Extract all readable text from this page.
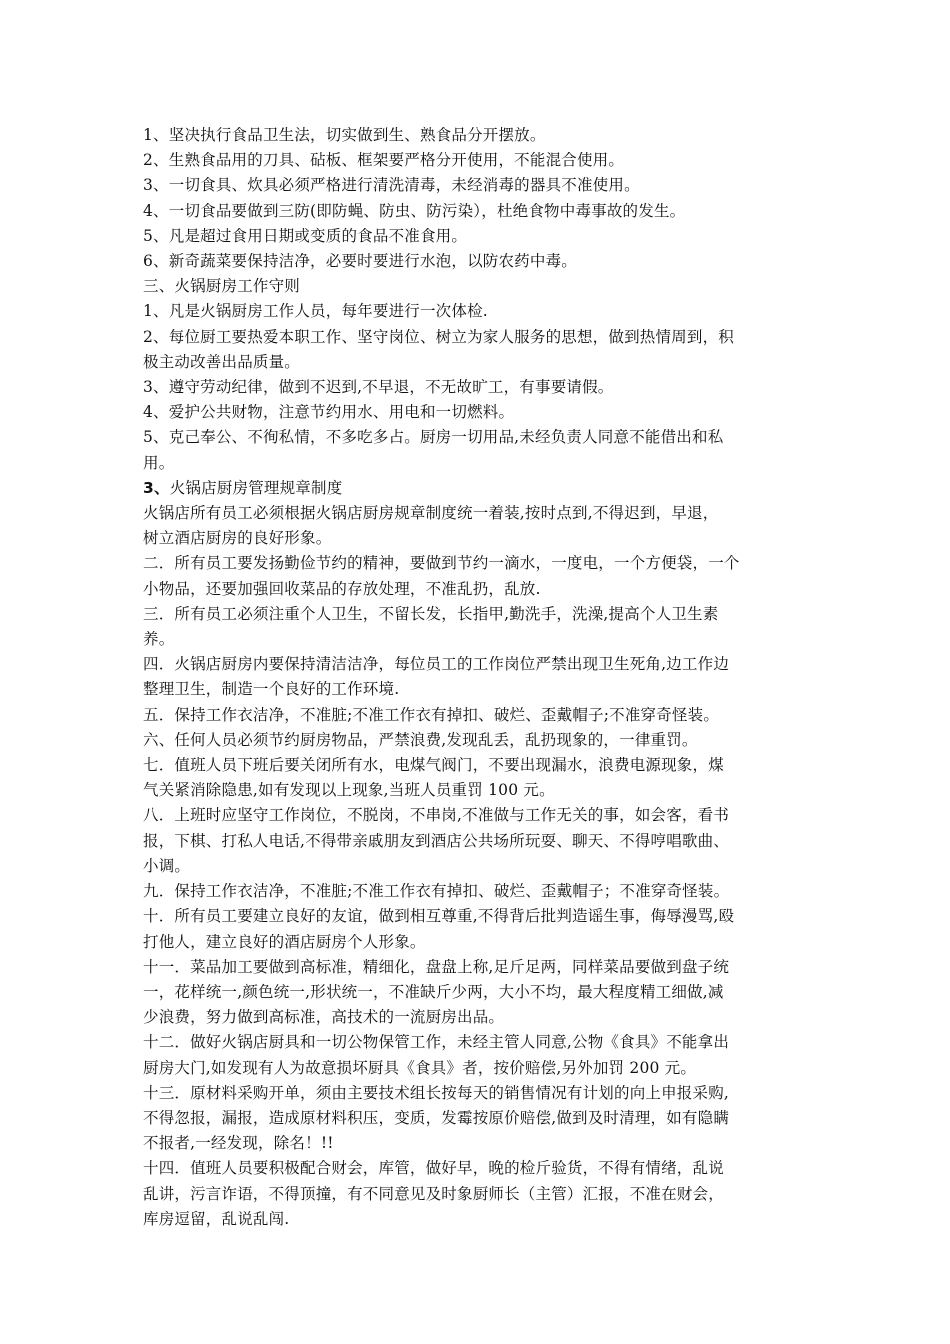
1、坚决执行食品卫生法，切实做到生、熟食品分开摆放。
2、生熟食品用的刀具、砧板、框架要严格分开使用，不能混合使用。
3、一切食具、炊具必须严格进行清洗清毒，未经消毒的器具不准使用。
4、一切食品要做到三防(即防蝇、防虫、防污染），杜绝食物中毒事故的发生。
5、凡是超过食用日期或变质的食品不准食用。
6、新奇蔬菜要保持洁净，必要时要进行水泡，以防农药中毒。
三、火锅厨房工作守则
1、凡是火锅厨房工作人员，每年要进行一次体检.
2、每位厨工要热爱本职工作、坚守岗位、树立为家人服务的思想，做到热情周到，积
极主动改善出品质量。
3、遵守劳动纪律，做到不迟到,不早退，不无故旷工，有事要请假。
4、爱护公共财物，注意节约用水、用电和一切燃料。
5、克己奉公、不徇私情，不多吃多占。厨房一切用品,未经负责人同意不能借出和私
用。
3、火锅店厨房管理规章制度
火锅店所有员工必须根据火锅店厨房规章制度统一着装,按时点到,不得迟到，早退，
树立酒店厨房的良好形象。
二．所有员工要发扬勤俭节约的精神，要做到节约一滴水，一度电，一个方便袋，一个
小物品，还要加强回收菜品的存放处理，不准乱扔，乱放.
三．所有员工必须注重个人卫生，不留长发，长指甲,勤洗手，洗澡,提高个人卫生素
养。
四．火锅店厨房内要保持清洁洁净，每位员工的工作岗位严禁出现卫生死角,边工作边
整理卫生，制造一个良好的工作环境.
五．保持工作衣洁净，不准脏;不准工作衣有掉扣、破烂、歪戴帽子;不准穿奇怪装。
六、任何人员必须节约厨房物品，严禁浪费,发现乱丢，乱扔现象的，一律重罚。
七．值班人员下班后要关闭所有水，电煤气阀门，不要出现漏水，浪费电源现象，煤
气关紧消除隐患,如有发现以上现象,当班人员重罚 100 元。
八．上班时应坚守工作岗位，不脱岗，不串岗,不准做与工作无关的事，如会客，看书
报，下棋、打私人电话,不得带亲戚朋友到酒店公共场所玩耍、聊天、不得哼唱歌曲、
小调。
九．保持工作衣洁净，不准脏;不准工作衣有掉扣、破烂、歪戴帽子；不准穿奇怪装。
十．所有员工要建立良好的友谊，做到相互尊重,不得背后批判造谣生事，侮辱漫骂,殴
打他人，建立良好的酒店厨房个人形象。
十一．菜品加工要做到高标准，精细化，盘盘上称,足斤足两，同样菜品要做到盘子统
一，花样统一,颜色统一,形状统一，不准缺斤少两，大小不均，最大程度精工细做,减
少浪费，努力做到高标准，高技术的一流厨房出品。
十二．做好火锅店厨具和一切公物保管工作，未经主管人同意,公物《食具》不能拿出
厨房大门,如发现有人为故意损坏厨具《食具》者，按价赔偿,另外加罚 200 元。
十三．原材料采购开单，须由主要技术组长按每天的销售情况有计划的向上申报采购,
不得忽报，漏报，造成原材料积压，变质，发霉按原价赔偿,做到及时清理，如有隐瞒
不报者,一经发现，除名！!!
十四．值班人员要积极配合财会，库管，做好早，晚的检斤验货，不得有情绪，乱说
乱讲，污言诈语，不得顶撞，有不同意见及时象厨师长（主管）汇报，不准在财会，
库房逗留，乱说乱闯.
